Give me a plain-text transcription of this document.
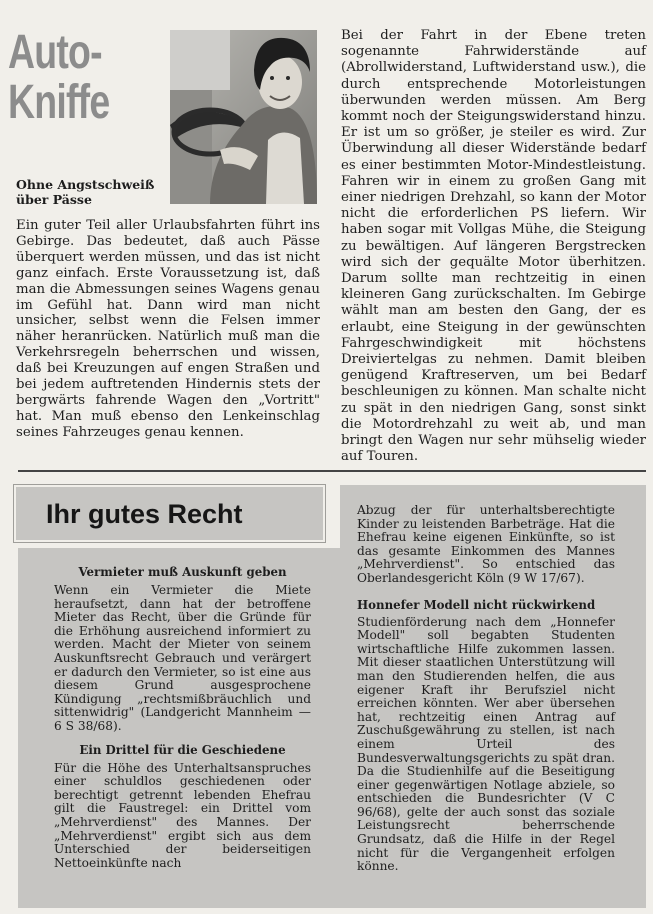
Auto-
Kniffe
Ohne Angstschweiß
über Pässe

Ein guter Teil aller Urlaubsfahrten führt ins Gebirge. Das bedeutet, daß auch Pässe überquert werden müssen, und das ist nicht ganz einfach. Erste Voraussetzung ist, daß man die Abmessungen seines Wagens genau im Gefühl hat. Dann wird man nicht unsicher, selbst wenn die Felsen immer näher heranrücken. Natürlich muß man die Verkehrsregeln beherrschen und wissen, daß bei Kreuzungen auf engen Straßen und bei jedem auftretenden Hindernis stets der bergwärts fahrende Wagen den „Vortritt" hat. Man muß ebenso den Lenkeinschlag seines Fahrzeuges genau kennen.

Bei der Fahrt in der Ebene treten sogenannte Fahrwiderstände auf (Abrollwiderstand, Luftwiderstand usw.), die durch entsprechende Motorleistungen überwunden werden müssen. Am Berg kommt noch der Steigungswiderstand hinzu. Er ist um so größer, je steiler es wird. Zur Überwindung all dieser Widerstände bedarf es einer bestimmten Motor-Mindestleistung. Fahren wir in einem zu großen Gang mit einer niedrigen Drehzahl, so kann der Motor nicht die erforderlichen PS liefern. Wir haben sogar mit Vollgas Mühe, die Steigung zu bewältigen. Auf längeren Bergstrecken wird sich der gequälte Motor überhitzen. Darum sollte man rechtzeitig in einen kleineren Gang zurückschalten. Im Gebirge wählt man am besten den Gang, der es erlaubt, eine Steigung in der gewünschten Fahrgeschwindigkeit mit höchstens Dreiviertelgas zu nehmen. Damit bleiben genügend Kraftreserven, um bei Bedarf beschleunigen zu können. Man schalte nicht zu spät in den niedrigen Gang, sonst sinkt die Motordrehzahl zu weit ab, und man bringt den Wagen nur sehr mühselig wieder auf Touren.

Ihr gutes Recht
Vermieter muß Auskunft geben

Wenn ein Vermieter die Miete heraufsetzt, dann hat der betroffene Mieter das Recht, über die Gründe für die Erhöhung ausreichend informiert zu werden. Macht der Mieter von seinem Auskunftsrecht Gebrauch und verärgert er dadurch den Vermieter, so ist eine aus diesem Grund ausgesprochene Kündigung „rechtsmißbräuchlich und sittenwidrig" (Landgericht Mannheim — 6 S 38/68).

Ein Drittel für die Geschiedene

Für die Höhe des Unterhaltsanspruches einer schuldlos geschiedenen oder berechtigt getrennt lebenden Ehefrau gilt die Faustregel: ein Drittel vom „Mehrverdienst" des Mannes. Der „Mehrverdienst" ergibt sich aus dem Unterschied der beiderseitigen Nettoeinkünfte nach

Abzug der für unterhaltsberechtigte Kinder zu leistenden Barbeträge. Hat die Ehefrau keine eigenen Einkünfte, so ist das gesamte Einkommen des Mannes „Mehrverdienst". So entschied das Oberlandesgericht Köln (9 W 17/67).

Honnefer Modell nicht rückwirkend

Studienförderung nach dem „Honnefer Modell" soll begabten Studenten wirtschaftliche Hilfe zukommen lassen. Mit dieser staatlichen Unterstützung will man den Studierenden helfen, die aus eigener Kraft ihr Berufsziel nicht erreichen könnten. Wer aber übersehen hat, rechtzeitig einen Antrag auf Zuschußgewährung zu stellen, ist nach einem Urteil des Bundesverwaltungsgerichts zu spät dran. Da die Studienhilfe auf die Beseitigung einer gegenwärtigen Notlage abziele, so entschieden die Bundesrichter (V C 96/68), gelte der auch sonst das soziale Leistungsrecht beherrschende Grundsatz, daß die Hilfe in der Regel nicht für die Vergangenheit erfolgen könne.
